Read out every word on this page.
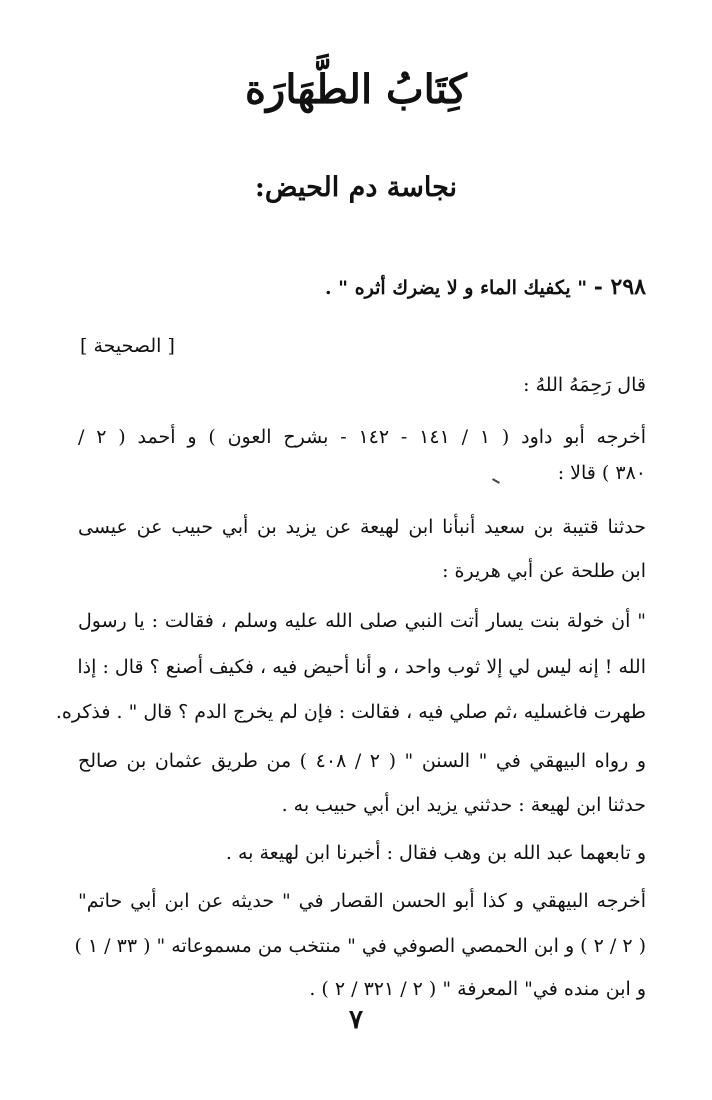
كِتَابُ الطَّهَارَة
نجاسة دم الحيض:
٢٩٨ - " يكفيك الماء و لا يضرك أثره " .
[ الصحيحة ]
قال رَحِمَهُ اللهُ :
أخرجه أبو داود ( ١ / ١٤١ - ١٤٢ - بشرح العون ) و أحمد ( ٢ /
٣٨٠ ) قالا :
حدثنا قتيبة بن سعيد أنبأنا ابن لهيعة عن يزيد بن أبي حبيب عن عيسى
ابن طلحة عن أبي هريرة :
" أن خولة بنت يسار أتت النبي صلى الله عليه وسلم ، فقالت : يا رسول
الله ! إنه ليس لي إلا ثوب واحد ، و أنا أحيض فيه ، فكيف أصنع ؟ قال : إذا
طهرت فاغسليه ،ثم صلي فيه ، فقالت : فإن لم يخرج الدم ؟ قال " . فذكره.
و رواه البيهقي في " السنن " ( ٢ / ٤٠٨ ) من طريق عثمان بن صالح
حدثنا ابن لهيعة : حدثني يزيد ابن أبي حبيب به .
و تابعهما عبد الله بن وهب فقال : أخبرنا ابن لهيعة به .
أخرجه البيهقي و كذا أبو الحسن القصار في " حديثه عن ابن أبي حاتم"
( ٢ / ٢ ) و ابن الحمصي الصوفي في " منتخب من مسموعاته " ( ٣٣ / ١ )
و ابن منده في" المعرفة " ( ٢ / ٣٢١ / ٢ ) .
٧
